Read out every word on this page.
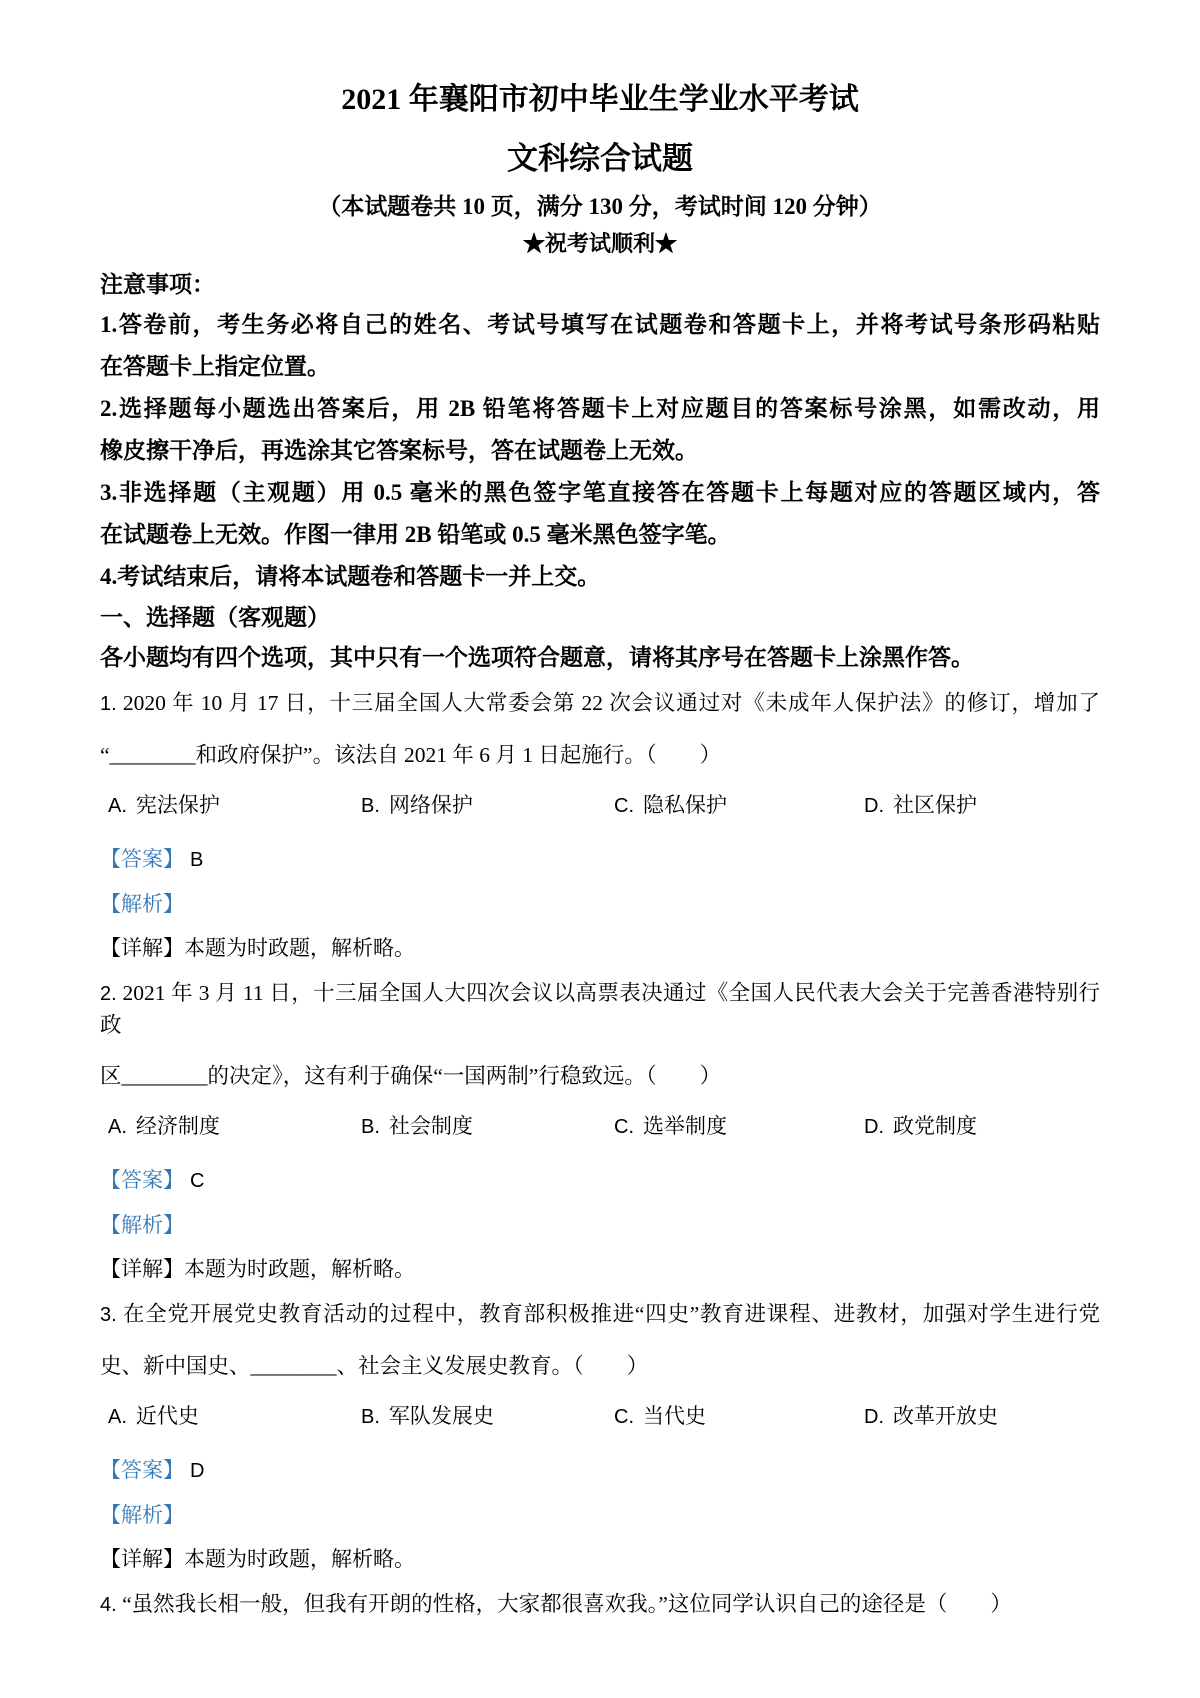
2021 年襄阳市初中毕业生学业水平考试
文科综合试题

（本试题卷共 10 页，满分 130 分，考试时间 120 分钟）

★祝考试顺利★

注意事项：

1.答卷前，考生务必将自己的姓名、考试号填写在试题卷和答题卡上，并将考试号条形码粘贴

在答题卡上指定位置。

2.选择题每小题选出答案后，用 2B 铅笔将答题卡上对应题目的答案标号涂黑，如需改动，用

橡皮擦干净后，再选涂其它答案标号，答在试题卷上无效。

3.非选择题（主观题）用 0.5 毫米的黑色签字笔直接答在答题卡上每题对应的答题区域内，答

在试题卷上无效。作图一律用 2B 铅笔或 0.5 毫米黑色签字笔。

4.考试结束后，请将本试题卷和答题卡一并上交。

一、选择题（客观题）

各小题均有四个选项，其中只有一个选项符合题意，请将其序号在答题卡上涂黑作答。

1. 2020 年 10 月 17 日，十三届全国人大常委会第 22 次会议通过对《未成年人保护法》的修订，增加了

“________和政府保护”。该法自 2021 年 6 月 1 日起施行。（　　）

A. 宪法保护	B. 网络保护	C. 隐私保护	D. 社区保护

【答案】 B

【解析】

【详解】本题为时政题，解析略。

2. 2021 年 3 月 11 日，十三届全国人大四次会议以高票表决通过《全国人民代表大会关于完善香港特别行政

区________的决定》，这有利于确保“一国两制”行稳致远。（　　）

A. 经济制度	B. 社会制度	C. 选举制度	D. 政党制度

【答案】 C

【解析】

【详解】本题为时政题，解析略。

3. 在全党开展党史教育活动的过程中，教育部积极推进“四史”教育进课程、进教材，加强对学生进行党

史、新中国史、________、社会主义发展史教育。（　　）

A. 近代史	B. 军队发展史	C. 当代史	D. 改革开放史

【答案】 D

【解析】

【详解】本题为时政题，解析略。

4. “虽然我长相一般，但我有开朗的性格，大家都很喜欢我。”这位同学认识自己的途径是（　　）
